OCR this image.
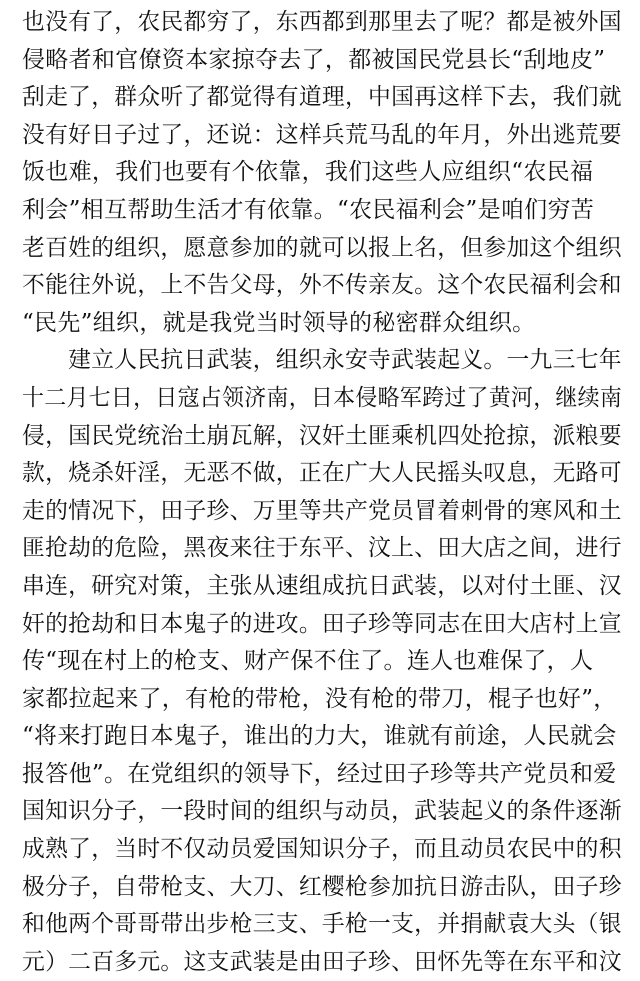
也没有了，农民都穷了，东西都到那里去了呢？都是被外国
侵略者和官僚资本家掠夺去了，都被国民党县长“刮地皮”
刮走了，群众听了都觉得有道理，中国再这样下去，我们就
没有好日子过了，还说：这样兵荒马乱的年月，外出逃荒要
饭也难，我们也要有个依靠，我们这些人应组织“农民福
利会”相互帮助生活才有依靠。“农民福利会”是咱们穷苦
老百姓的组织，愿意参加的就可以报上名，但参加这个组织
不能往外说，上不告父母，外不传亲友。这个农民福利会和
“民先”组织，就是我党当时领导的秘密群众组织。
　　建立人民抗日武装，组织永安寺武装起义。一九三七年
十二月七日，日寇占领济南，日本侵略军跨过了黄河，继续南
侵，国民党统治土崩瓦解，汉奸土匪乘机四处抢掠，派粮要
款，烧杀奸淫，无恶不做，正在广大人民摇头叹息，无路可
走的情况下，田子珍、万里等共产党员冒着刺骨的寒风和土
匪抢劫的危险，黑夜来往于东平、汶上、田大店之间，进行
串连，研究对策，主张从速组成抗日武装，以对付土匪、汉
奸的抢劫和日本鬼子的进攻。田子珍等同志在田大店村上宣
传“现在村上的枪支、财产保不住了。连人也难保了，人
家都拉起来了，有枪的带枪，没有枪的带刀，棍子也好”，
“将来打跑日本鬼子，谁出的力大，谁就有前途，人民就会
报答他”。在党组织的领导下，经过田子珍等共产党员和爱
国知识分子，一段时间的组织与动员，武装起义的条件逐渐
成熟了，当时不仅动员爱国知识分子，而且动员农民中的积
极分子，自带枪支、大刀、红樱枪参加抗日游击队，田子珍
和他两个哥哥带出步枪三支、手枪一支，并捐献袁大头（银
元）二百多元。这支武装是由田子珍、田怀先等在东平和汶
